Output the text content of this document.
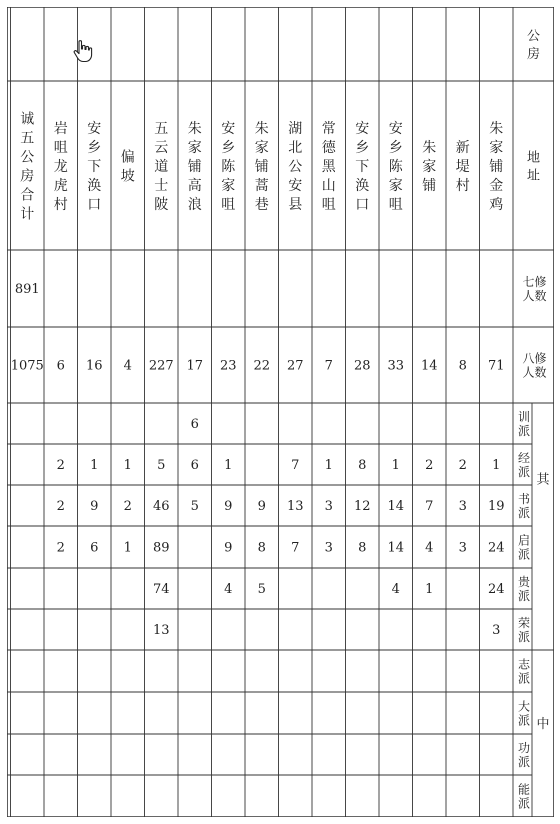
公房
地址
七修人数
八修人数
其
中
训派
经派
书派
启派
贵派
荣派
志派
大派
功派
能派
朱家铺金鸡
新堤村
朱家铺
安乡陈家咀
安乡下涣口
常德黑山咀
湖北公安县
朱家铺蒿巷
安乡陈家咀
朱家铺高浪
五云道士陂
偏坡
安乡下涣口
岩咀龙虎村
诚五公房合计
891
71
8
14
33
28
7
27
22
23
17
227
4
16
6
1075
6
1
2
2
1
8
1
7
1
6
5
1
1
2
19
3
7
14
12
3
13
9
9
5
46
2
9
2
24
3
4
14
8
3
7
8
9
89
1
6
2
24
1
4
5
4
74
3
13
